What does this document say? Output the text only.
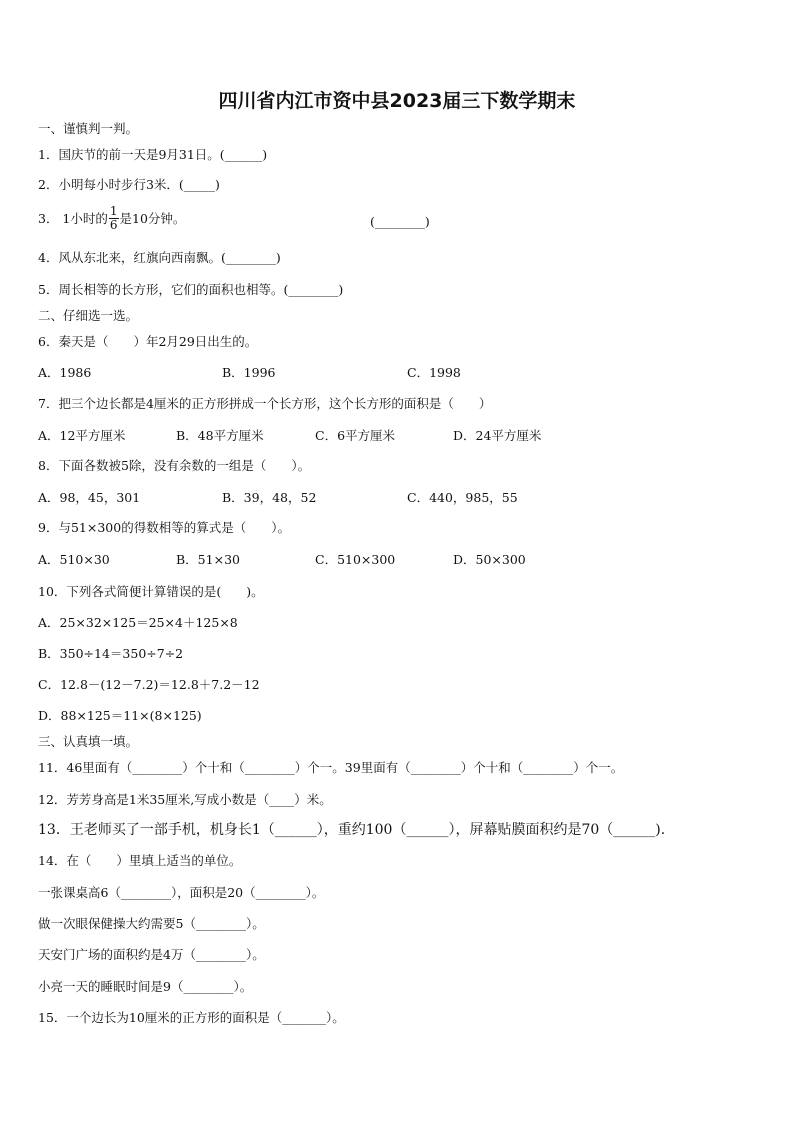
四川省内江市资中县2023届三下数学期末
一、谨慎判一判。
1．国庆节的前一天是9月31日。(______)
2．小明每小时步行3米．(_____)
3． 1小时的 $\frac{1}{6}$ 是10分钟。	(________)
4．风从东北来，红旗向西南飘。(________)
5．周长相等的长方形，它们的面积也相等。(________)
二、仔细选一选。
6．秦天是（　　）年2月29日出生的。
A．1986	B．1996	C．1998
7．把三个边长都是4厘米的正方形拼成一个长方形，这个长方形的面积是（　　）
A．12平方厘米	B．48平方厘米	C．6平方厘米	D．24平方厘米
8．下面各数被5除，没有余数的一组是（　　）。
A．98，45，301	B．39，48，52	C．440，985，55
9．与51×300的得数相等的算式是（　　）。
A．510×30	B．51×30	C．510×300	D．50×300
10．下列各式简便计算错误的是(　　)。
A．25×32×125＝25×4＋125×8
B．350÷14＝350÷7÷2
C．12.8－(12－7.2)＝12.8＋7.2－12
D．88×125＝11×(8×125)
三、认真填一填。
11．46里面有（________）个十和（________）个一。39里面有（________）个十和（________）个一。
12．芳芳身高是1米35厘米,写成小数是（____）米。
13．王老师买了一部手机，机身长1（______），重约100（______），屏幕贴膜面积约是70（______).
14．在（　　）里填上适当的单位。
一张课桌高6（________），面积是20（________）。
做一次眼保健操大约需要5（________）。
天安门广场的面积约是4万（________）。
小亮一天的睡眠时间是9（________）。
15．一个边长为10厘米的正方形的面积是（_______）。
